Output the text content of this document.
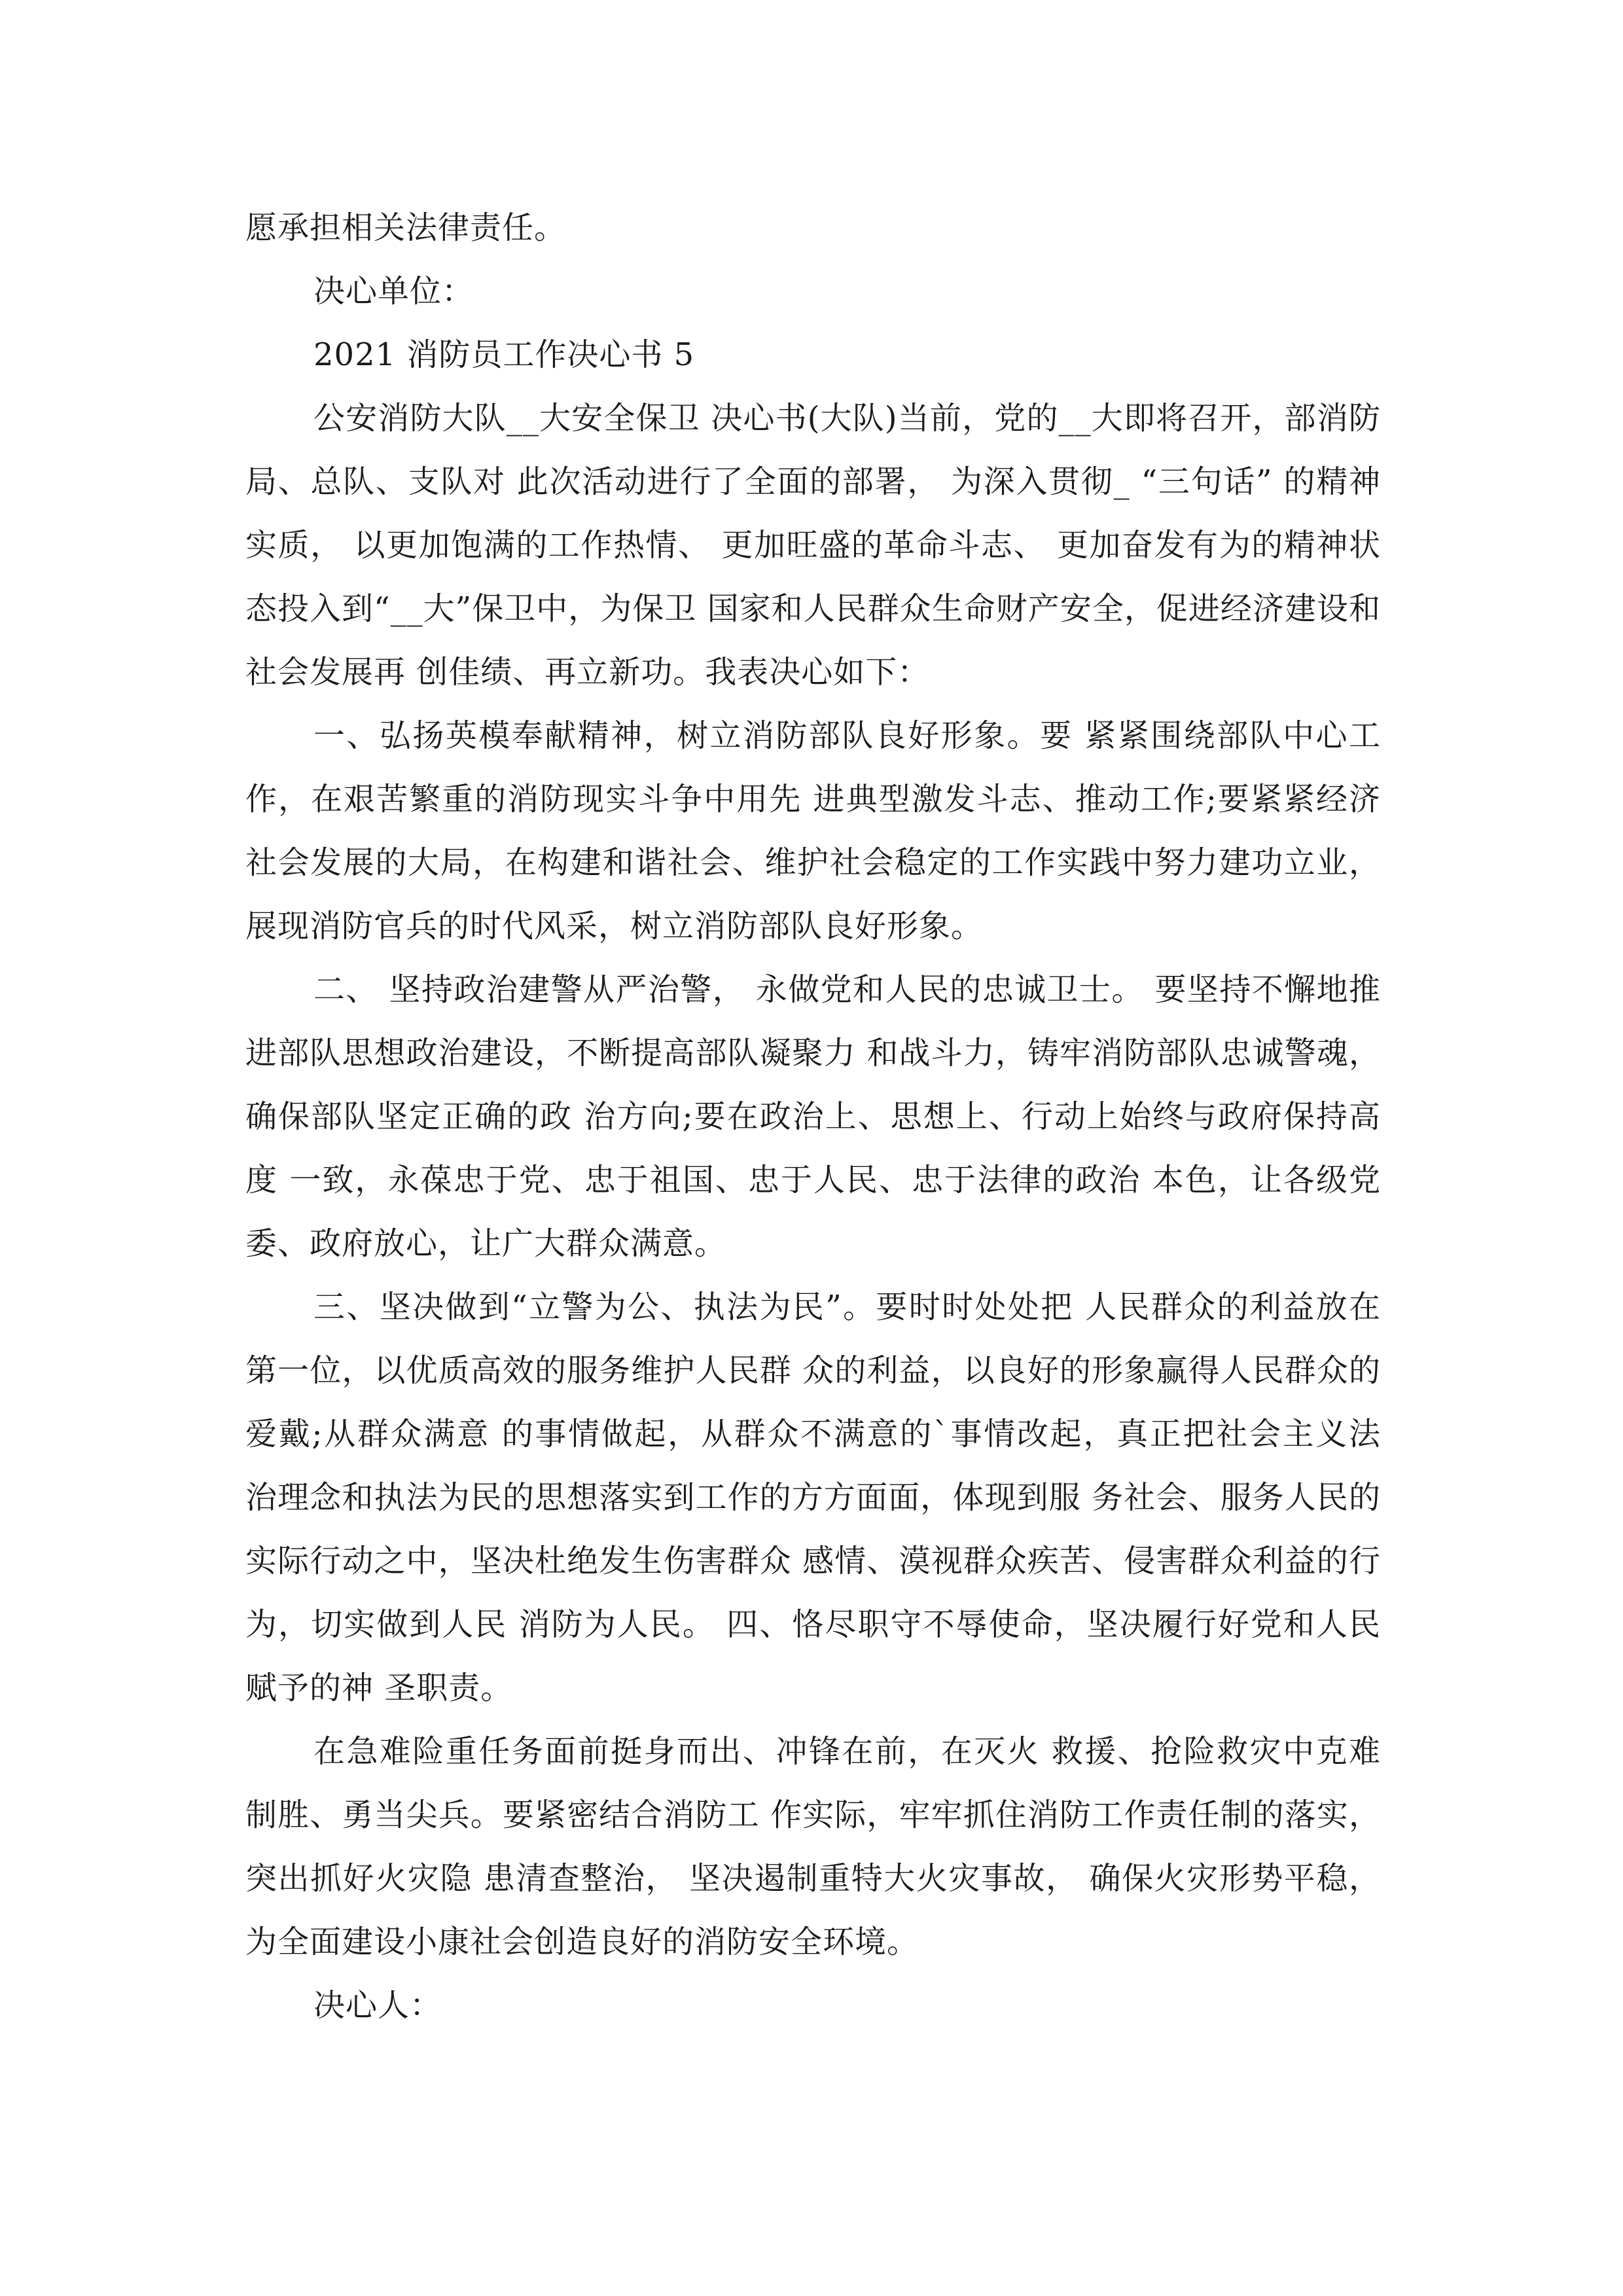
愿承担相关法律责任。

决心单位：

2021 消防员工作决心书 5

公安消防大队__大安全保卫 决心书(大队)当前，党的__大即将召开，部消防局、总队、支队对 此次活动进行了全面的部署， 为深入贯彻_ “三句话” 的精神实质， 以更加饱满的工作热情、 更加旺盛的革命斗志、 更加奋发有为的精神状态投入到“__大”保卫中，为保卫 国家和人民群众生命财产安全，促进经济建设和社会发展再 创佳绩、再立新功。我表决心如下：

一、弘扬英模奉献精神，树立消防部队良好形象。要 紧紧围绕部队中心工作，在艰苦繁重的消防现实斗争中用先 进典型激发斗志、推动工作;要紧紧经济社会发展的大局，在构建和谐社会、维护社会稳定的工作实践中努力建功立业，展现消防官兵的时代风采，树立消防部队良好形象。

二、 坚持政治建警从严治警， 永做党和人民的忠诚卫士。 要坚持不懈地推进部队思想政治建设，不断提高部队凝聚力 和战斗力，铸牢消防部队忠诚警魂，确保部队坚定正确的政 治方向;要在政治上、思想上、行动上始终与政府保持高度 一致，永葆忠于党、忠于祖国、忠于人民、忠于法律的政治 本色，让各级党委、政府放心，让广大群众满意。

三、坚决做到“立警为公、执法为民”。要时时处处把 人民群众的利益放在第一位，以优质高效的服务维护人民群 众的利益，以良好的形象赢得人民群众的爱戴;从群众满意 的事情做起，从群众不满意的`事情改起，真正把社会主义法 治理念和执法为民的思想落实到工作的方方面面，体现到服 务社会、服务人民的实际行动之中，坚决杜绝发生伤害群众 感情、漠视群众疾苦、侵害群众利益的行为，切实做到人民 消防为人民。 四、恪尽职守不辱使命，坚决履行好党和人民赋予的神 圣职责。

在急难险重任务面前挺身而出、冲锋在前，在灭火 救援、抢险救灾中克难制胜、勇当尖兵。要紧密结合消防工 作实际，牢牢抓住消防工作责任制的落实，突出抓好火灾隐 患清查整治， 坚决遏制重特大火灾事故， 确保火灾形势平稳，为全面建设小康社会创造良好的消防安全环境。

决心人：
